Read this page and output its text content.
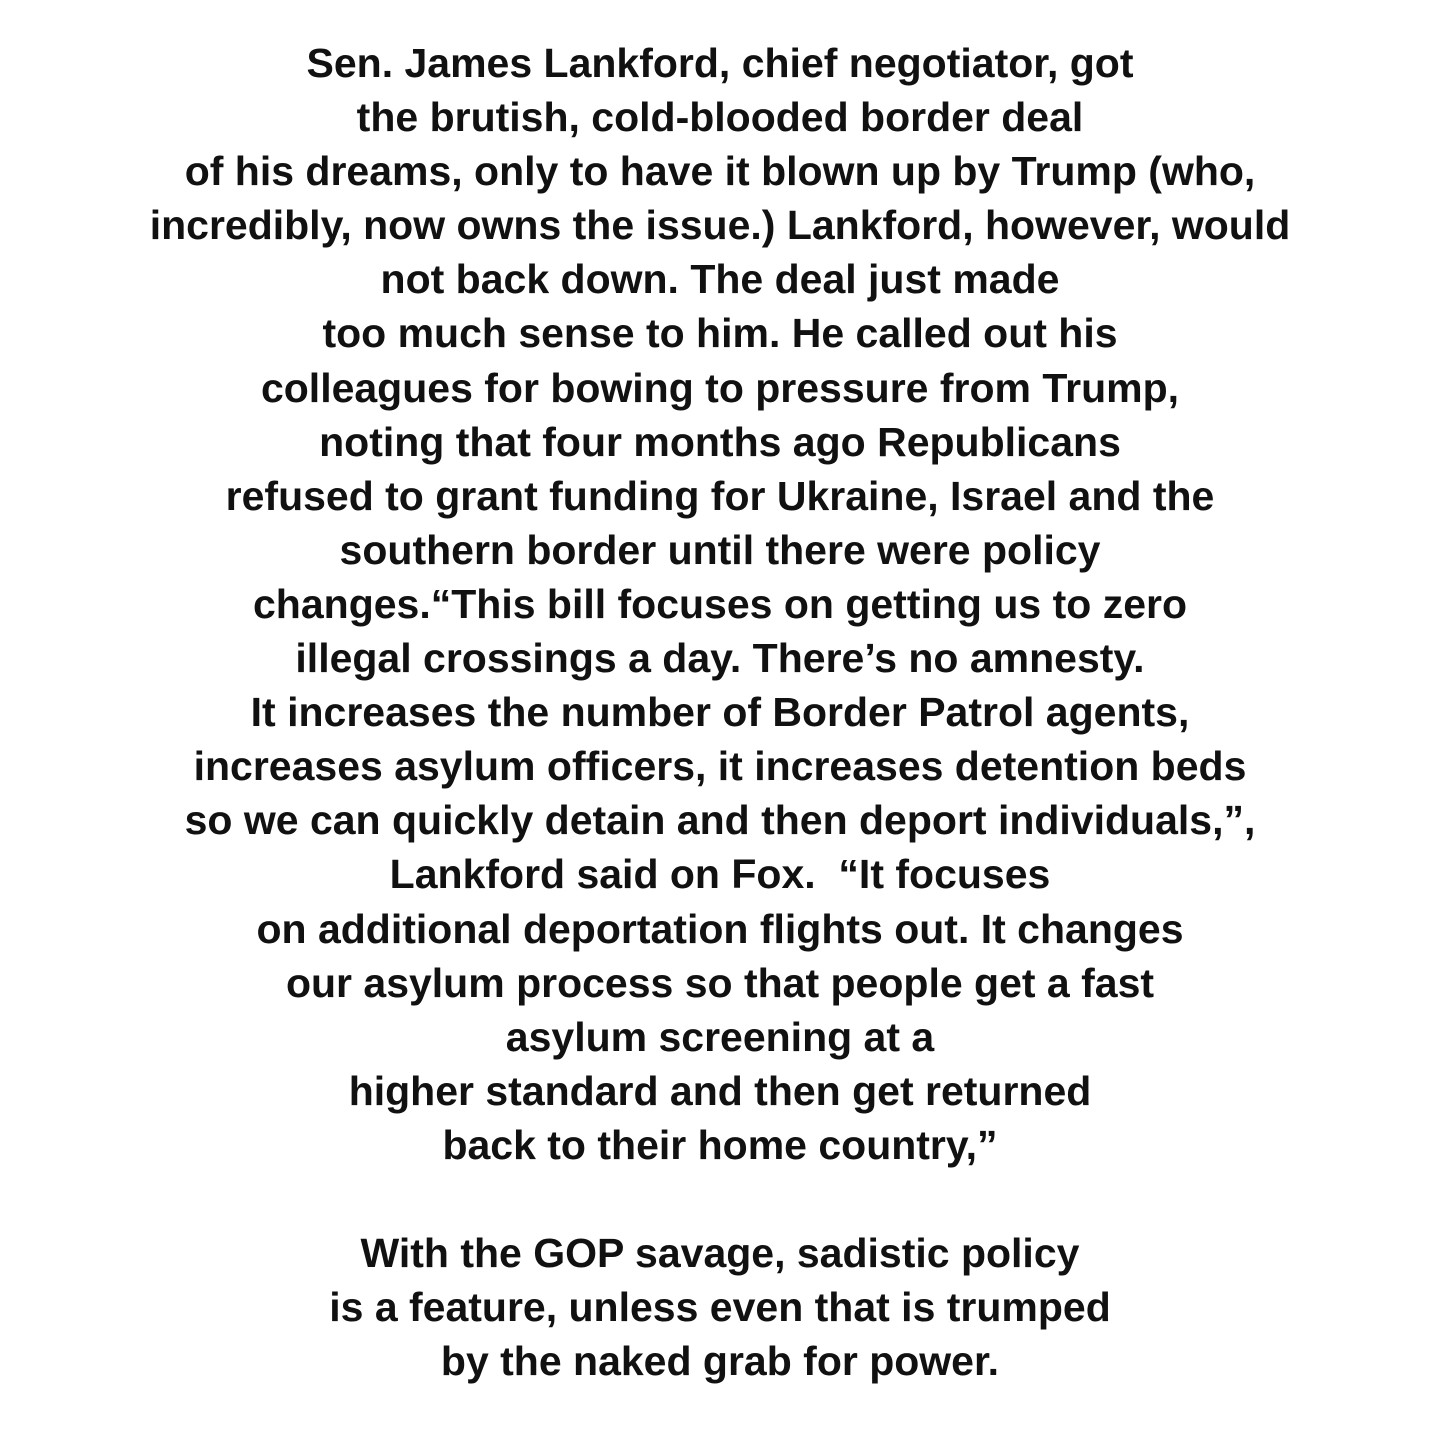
Sen. James Lankford, chief negotiator, got
the brutish, cold-blooded border deal
of his dreams, only to have it blown up by Trump (who,
incredibly, now owns the issue.) Lankford, however, would
not back down. The deal just made
too much sense to him. He called out his
colleagues for bowing to pressure from Trump,
noting that four months ago Republicans
refused to grant funding for Ukraine, Israel and the
southern border until there were policy
changes.“This bill focuses on getting us to zero
illegal crossings a day. There’s no amnesty.
It increases the number of Border Patrol agents,
increases asylum officers, it increases detention beds
so we can quickly detain and then deport individuals,”,
Lankford said on Fox.  “It focuses
on additional deportation flights out. It changes
our asylum process so that people get a fast
asylum screening at a
higher standard and then get returned
back to their home country,”

With the GOP savage, sadistic policy
is a feature, unless even that is trumped
by the naked grab for power.
